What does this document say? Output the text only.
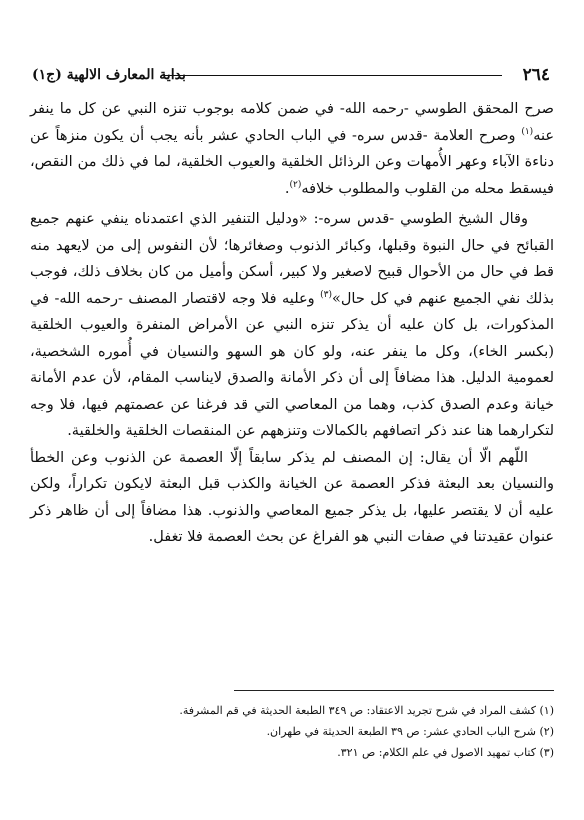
٢٦٤
بداية المعارف الالهية (ج١)

صرح المحقق الطوسي -رحمه الله- في ضمن كلامه بوجوب تنزه النبي عن كل ما ينفر عنه$^{(١)}$ وصرح العلامة -قدس سره- في الباب الحادي عشر بأنه يجب أن يكون منزهاً عن دناءة الآباء وعهر الأُمهات وعن الرذائل الخلقية والعيوب الخلقية، لما في ذلك من النقص، فيسقط محله من القلوب والمطلوب خلافه$^{(٢)}$.

وقال الشيخ الطوسي -قدس سره-: «ودليل التنفير الذي اعتمدناه ينفي عنهم جميع القبائح في حال النبوة وقبلها، وكبائر الذنوب وصغائرها؛ لأن النفوس إلى من لايعهد منه قط في حال من الأحوال قبيح لاصغير ولا كبير، أسكن وأميل من كان بخلاف ذلك، فوجب بذلك نفي الجميع عنهم في كل حال»$^{(٣)}$ وعليه فلا وجه لاقتصار المصنف -رحمه الله- في المذكورات، بل كان عليه أن يذكر تنزه النبي عن الأمراض المنفرة والعيوب الخلقية (بكسر الخاء)، وكل ما ينفر عنه، ولو كان هو السهو والنسيان في أُموره الشخصية، لعمومية الدليل. هذا مضافاً إلى أن ذكر الأمانة والصدق لايناسب المقام، لأن عدم الأمانة خيانة وعدم الصدق كذب، وهما من المعاصي التي قد فرغنا عن عصمتهم فيها، فلا وجه لتكرارهما هنا عند ذكر اتصافهم بالكمالات وتنزههم عن المنقصات الخلقية والخلقية.

اللّهم الّا أن يقال: إن المصنف لم يذكر سابقاً إلّا العصمة عن الذنوب وعن الخطأ والنسيان بعد البعثة فذكر العصمة عن الخيانة والكذب قبل البعثة لايكون تكراراً، ولكن عليه أن لا يقتصر عليها، بل يذكر جميع المعاصي والذنوب. هذا مضافاً إلى أن ظاهر ذكر عنوان عقيدتنا في صفات النبي هو الفراغ عن بحث العصمة فلا تغفل.

(١) كشف المراد في شرح تجريد الاعتقاد: ص ٣٤٩ الطبعة الحديثة في قم المشرفة.
(٢) شرح الباب الحادي عشر: ص ٣٩ الطبعة الحديثة في طهران.
(٣) كتاب تمهيد الاصول في علم الكلام: ص ٣٢١.
